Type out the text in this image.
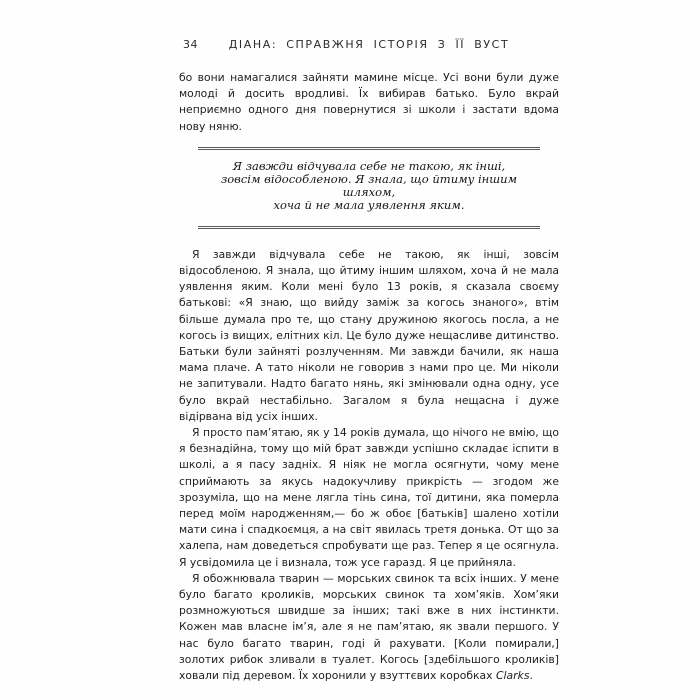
34	ДІАНА: СПРАВЖНЯ ІСТОРІЯ З ЇЇ ВУСТ

бо вони намагалися зайняти мамине місце. Усі вони були дуже молоді й досить вродливі. Їх вибирав батько. Було вкрай неприємно одного дня повернутися зі школи і застати вдома нову няню.

Я завжди відчувала себе не такою, як інші,
зовсім відособленою. Я знала, що йтиму іншим шляхом,
хоча й не мала уявлення яким.

Я завжди відчувала себе не такою, як інші, зовсім відособленою. Я знала, що йтиму іншим шляхом, хоча й не мала уявлення яким. Коли мені було 13 років, я сказала своєму батькові: «Я знаю, що вийду заміж за когось знаного», втім більше думала про те, що стану дружиною якогось посла, а не когось із вищих, елітних кіл. Це було дуже нещасливе дитинство. Батьки були зайняті розлученням. Ми завжди бачили, як наша мама плаче. А тато ніколи не говорив з нами про це. Ми ніколи не запитували. Надто багато нянь, які змінювали одна одну, усе було вкрай нестабільно. Загалом я була нещасна і дуже відірвана від усіх інших.

Я просто пам’ятаю, як у 14 років думала, що нічого не вмію, що я безнадійна, тому що мій брат завжди успішно складає іспити в школі, а я пасу задніх. Я ніяк не могла осягнути, чому мене сприймають за якусь надокучливу прикрість — згодом же зрозуміла, що на мене лягла тінь сина, тої дитини, яка померла перед моїм народженням,— бо ж обоє [батьків] шалено хотіли мати сина і спадкоємця, а на світ явилась третя донька. От що за халепа, нам доведеться спробувати ще раз. Тепер я це осягнула. Я усвідомила це і визнала, тож усе гаразд. Я це прийняла.

Я обожнювала тварин — морських свинок та всіх інших. У мене було багато кроликів, морських свинок та хом’яків. Хом’яки розмножуються швидше за інших; такі вже в них інстинкти. Кожен мав власне ім’я, але я не пам’ятаю, як звали першого. У нас було багато тварин, годі й рахувати. [Коли помирали,] золотих рибок зливали в туалет. Когось [здебільшого кроликів] ховали під деревом. Їх хоронили у взуттєвих коробках Clarks.
